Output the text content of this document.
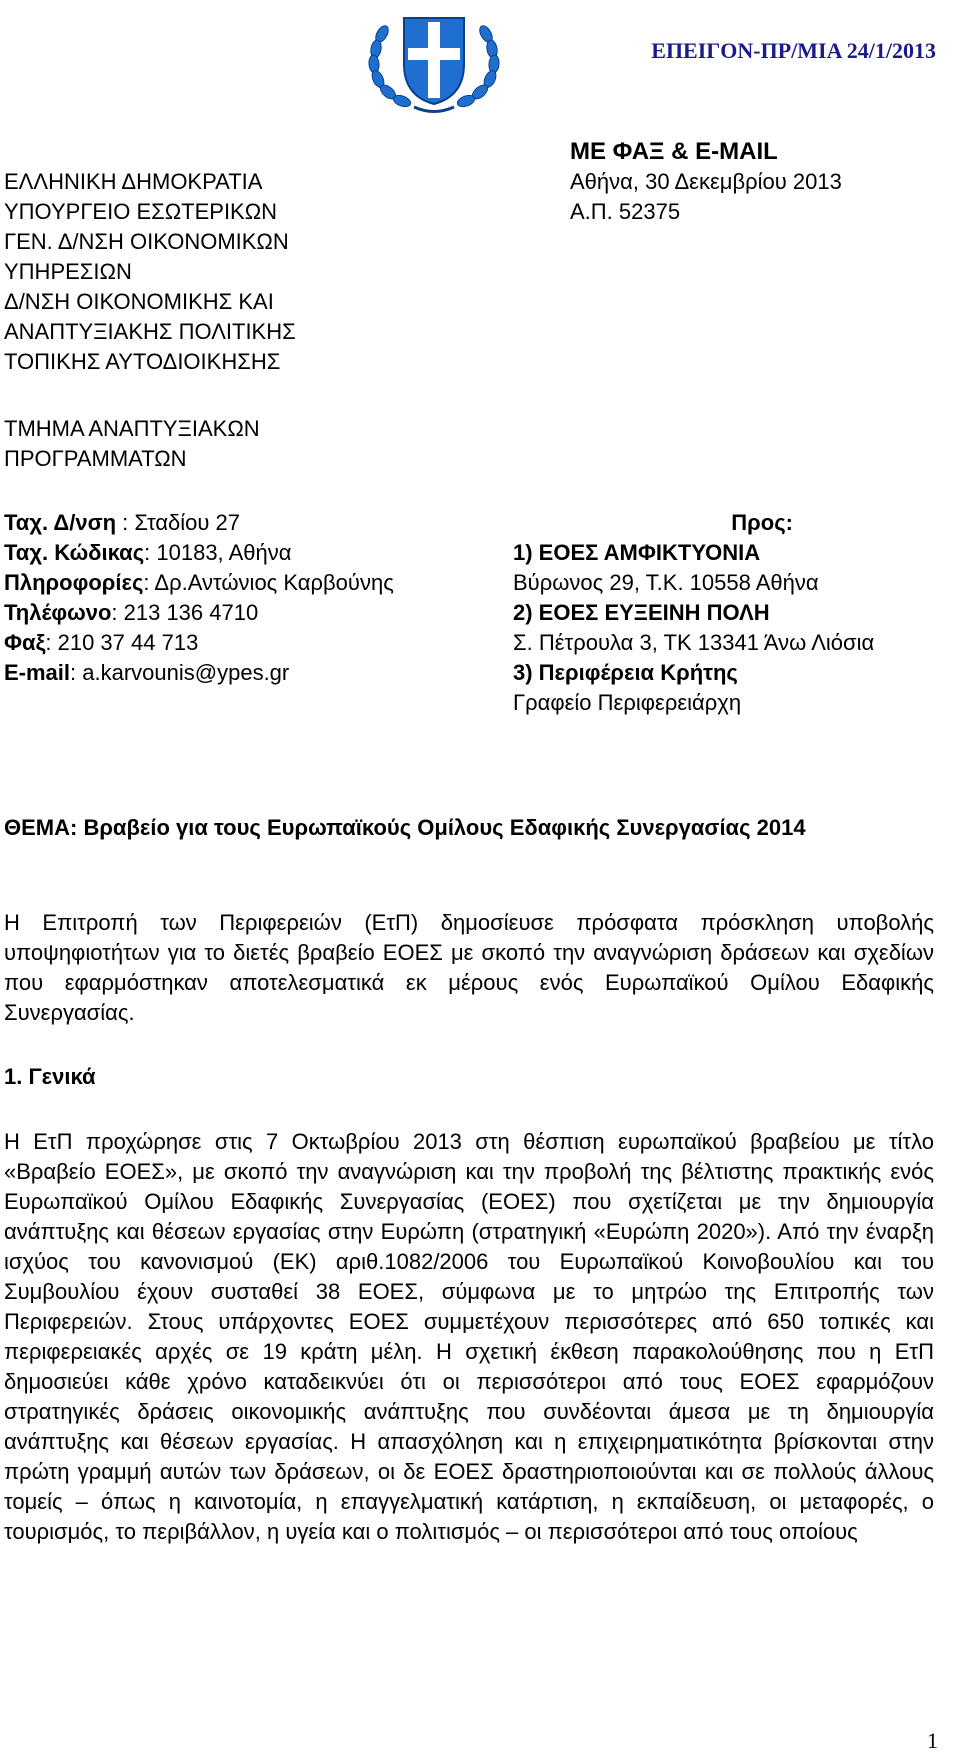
ΕΠΕΙΓΟΝ-ΠΡ/ΜΙΑ 24/1/2013
ΜΕ ΦΑΞ & E-MAIL
Αθήνα, 30 Δεκεμβρίου 2013
Α.Π. 52375
ΕΛΛΗΝΙΚΗ ΔΗΜΟΚΡΑΤΙΑ
ΥΠΟΥΡΓΕΙΟ ΕΣΩΤΕΡΙΚΩΝ
ΓΕΝ. Δ/ΝΣΗ ΟΙΚΟΝΟΜΙΚΩΝ
ΥΠΗΡΕΣΙΩΝ
Δ/ΝΣΗ ΟΙΚΟΝΟΜΙΚΗΣ ΚΑΙ
ΑΝΑΠΤΥΞΙΑΚΗΣ ΠΟΛΙΤΙΚΗΣ
ΤΟΠΙΚΗΣ ΑΥΤΟΔΙΟΙΚΗΣΗΣ
ΤΜΗΜΑ ΑΝΑΠΤΥΞΙΑΚΩΝ
ΠΡΟΓΡΑΜΜΑΤΩΝ
Ταχ. Δ/νση : Σταδίου 27
Ταχ. Κώδικας: 10183, Αθήνα
Πληροφορίες: Δρ.Αντώνιος Καρβούνης
Τηλέφωνο: 213 136 4710
Φαξ: 210 37 44 713
E-mail: a.karvounis@ypes.gr
Προς:
1) ΕΟΕΣ ΑΜΦΙΚΤΥΟΝΙΑ
Βύρωνος 29, Τ.Κ. 10558 Αθήνα
2) ΕΟΕΣ ΕΥΞΕΙΝΗ ΠΟΛΗ
Σ. Πέτρουλα 3, ΤΚ 13341 Άνω Λιόσια
3) Περιφέρεια Κρήτης
Γραφείο Περιφερειάρχη
ΘΕΜΑ: Βραβείο για τους Ευρωπαϊκούς Ομίλους Εδαφικής Συνεργασίας 2014
Η Επιτροπή των Περιφερειών (ΕτΠ) δημοσίευσε πρόσφατα πρόσκληση υποβολής υποψηφιοτήτων για το διετές βραβείο ΕΟΕΣ με σκοπό την αναγνώριση δράσεων και σχεδίων που εφαρμόστηκαν αποτελεσματικά εκ μέρους ενός Ευρωπαϊκού Ομίλου Εδαφικής Συνεργασίας.
1. Γενικά
Η ΕτΠ προχώρησε στις 7 Οκτωβρίου 2013 στη θέσπιση ευρωπαϊκού βραβείου με τίτλο «Βραβείο ΕΟΕΣ», με σκοπό την αναγνώριση και την προβολή της βέλτιστης πρακτικής ενός Ευρωπαϊκού Ομίλου Εδαφικής Συνεργασίας (ΕΟΕΣ) που σχετίζεται με την δημιουργία ανάπτυξης και θέσεων εργασίας στην Ευρώπη (στρατηγική «Ευρώπη 2020»). Από την έναρξη ισχύος του κανονισμού (ΕΚ) αριθ.1082/2006 του Ευρωπαϊκού Κοινοβουλίου και του Συμβουλίου έχουν συσταθεί 38 ΕΟΕΣ, σύμφωνα με το μητρώο της Επιτροπής των Περιφερειών. Στους υπάρχοντες ΕΟΕΣ συμμετέχουν περισσότερες από 650 τοπικές και περιφερειακές αρχές σε 19 κράτη μέλη. Η σχετική έκθεση παρακολούθησης που η ΕτΠ δημοσιεύει κάθε χρόνο καταδεικνύει ότι οι περισσότεροι από τους ΕΟΕΣ εφαρμόζουν στρατηγικές δράσεις οικονομικής ανάπτυξης που συνδέονται άμεσα με τη δημιουργία ανάπτυξης και θέσεων εργασίας. Η απασχόληση και η επιχειρηματικότητα βρίσκονται στην πρώτη γραμμή αυτών των δράσεων, οι δε ΕΟΕΣ δραστηριοποιούνται και σε πολλούς άλλους τομείς – όπως η καινοτομία, η επαγγελματική κατάρτιση, η εκπαίδευση, οι μεταφορές, ο τουρισμός, το περιβάλλον, η υγεία και ο πολιτισμός – οι περισσότεροι από τους οποίους
1
